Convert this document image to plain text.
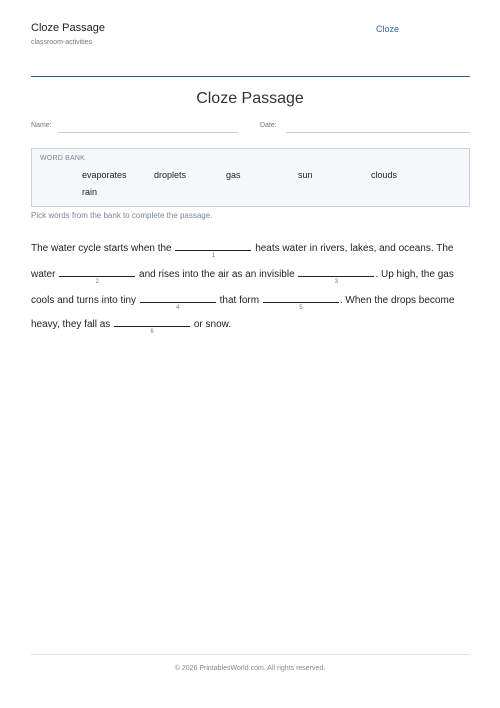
Cloze Passage
classroom-activities
Cloze
Cloze Passage
Name:	Date:
WORD BANK
evaporates	droplets	gas	sun	clouds
rain
Pick words from the bank to complete the passage.
The water cycle starts when the
1
heats water in rivers, lakes, and oceans. The
water
2
and rises into the air as an invisible
3
. Up high, the gas
cools and turns into tiny
4
that form
5
. When the drops become
heavy, they fall as
6
or snow.
© 2026 PrintablesWorld.com. All rights reserved.
